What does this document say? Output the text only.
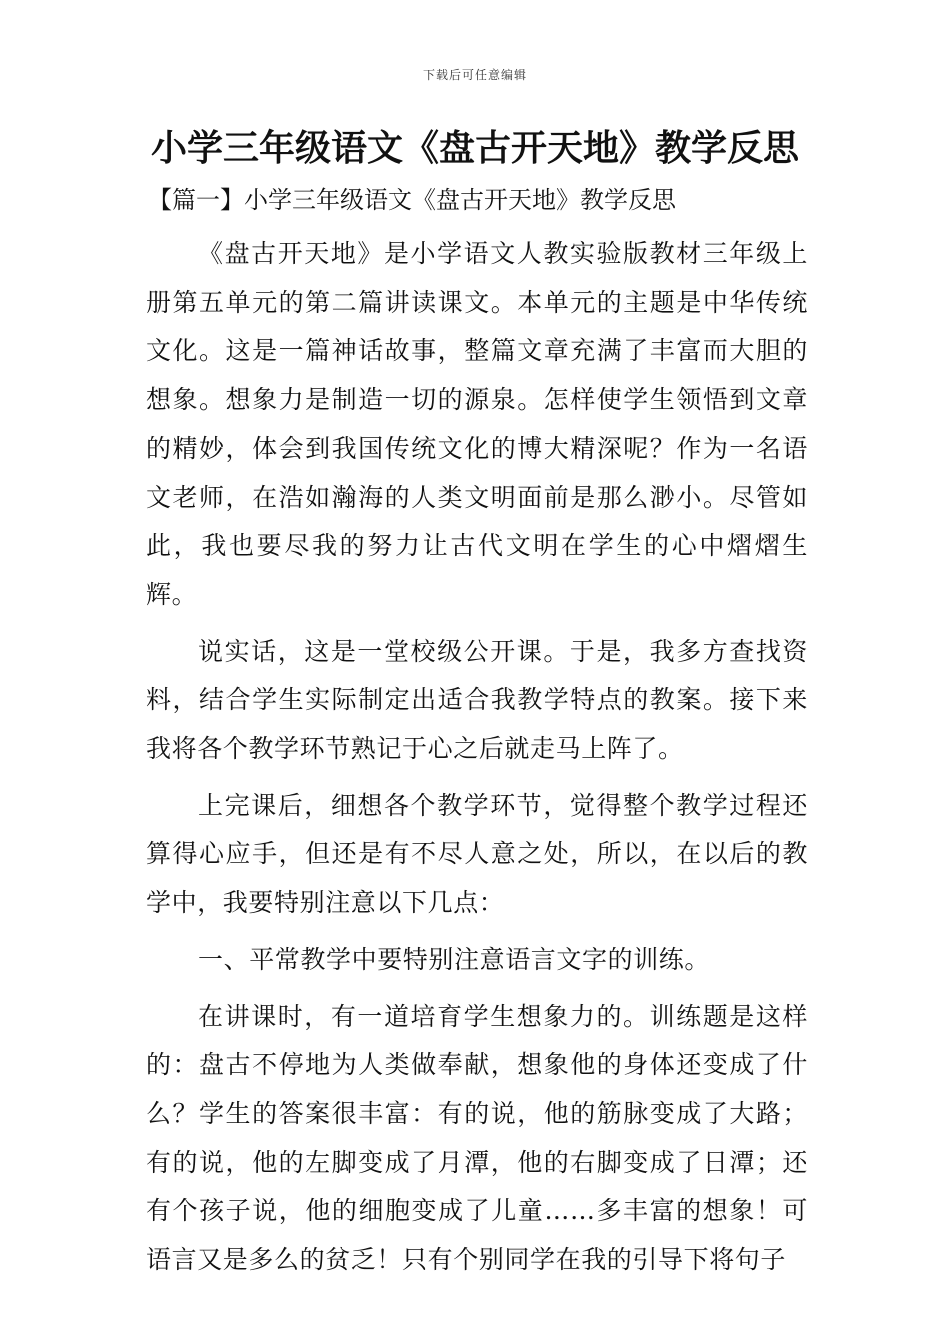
下载后可任意编辑
小学三年级语文《盘古开天地》教学反思

【篇一】小学三年级语文《盘古开天地》教学反思

《盘古开天地》是小学语文人教实验版教材三年级上册第五单元的第二篇讲读课文。本单元的主题是中华传统文化。这是一篇神话故事，整篇文章充满了丰富而大胆的想象。想象力是制造一切的源泉。怎样使学生领悟到文章的精妙，体会到我国传统文化的博大精深呢？作为一名语文老师，在浩如瀚海的人类文明面前是那么渺小。尽管如此，我也要尽我的努力让古代文明在学生的心中熠熠生辉。

说实话，这是一堂校级公开课。于是，我多方查找资料，结合学生实际制定出适合我教学特点的教案。接下来我将各个教学环节熟记于心之后就走马上阵了。

上完课后，细想各个教学环节，觉得整个教学过程还算得心应手，但还是有不尽人意之处，所以，在以后的教学中，我要特别注意以下几点：

一、平常教学中要特别注意语言文字的训练。

在讲课时，有一道培育学生想象力的。训练题是这样的：盘古不停地为人类做奉献，想象他的身体还变成了什么？学生的答案很丰富：有的说，他的筋脉变成了大路；有的说，他的左脚变成了月潭，他的右脚变成了日潭；还有个孩子说，他的细胞变成了儿童……多丰富的想象！可语言又是多么的贫乏！只有个别同学在我的引导下将句子
